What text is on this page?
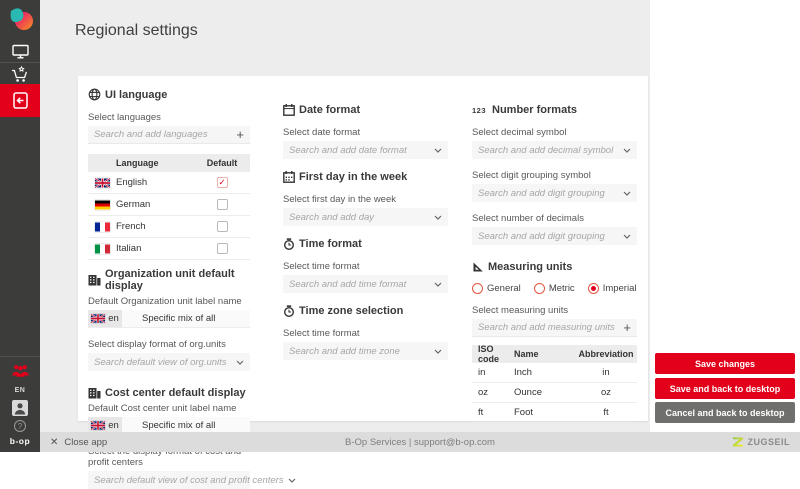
EN
?
b-op
Regional settings
UI language
Select languages
Search and add languages
+
Language	Default
English	✓
German
French
Italian
Organization unit default display
Default Organization unit label name
en	Specific mix of all
Select display format of org.units
Search default view of org.units
Cost center default display
Default Cost center unit label name
en	Specific mix of all
profit centers
Search default view of cost and profit centers
Date format
Select date format
Search and add date format
First day in the week
Select first day in the week
Search and add day
Time format
Select time format
Search and add time format
Time zone selection
Select time format
Search and add time zone
123 Number formats
Select decimal symbol
Search and add decimal symbol
Select digit grouping symbol
Search and add digit grouping
Select number of decimals
Search and add digit grouping
Measuring units
General	Metric	Imperial
Select measuring units
Search and add measuring units
+
ISO code	Name	Abbreviation
in	Inch	in
oz	Ounce	oz
ft	Foot	ft
Save changes
Save and back to desktop
Cancel and back to desktop
B-Op Services | support@b-op.com
✕ Close app	ZUGSEIL
